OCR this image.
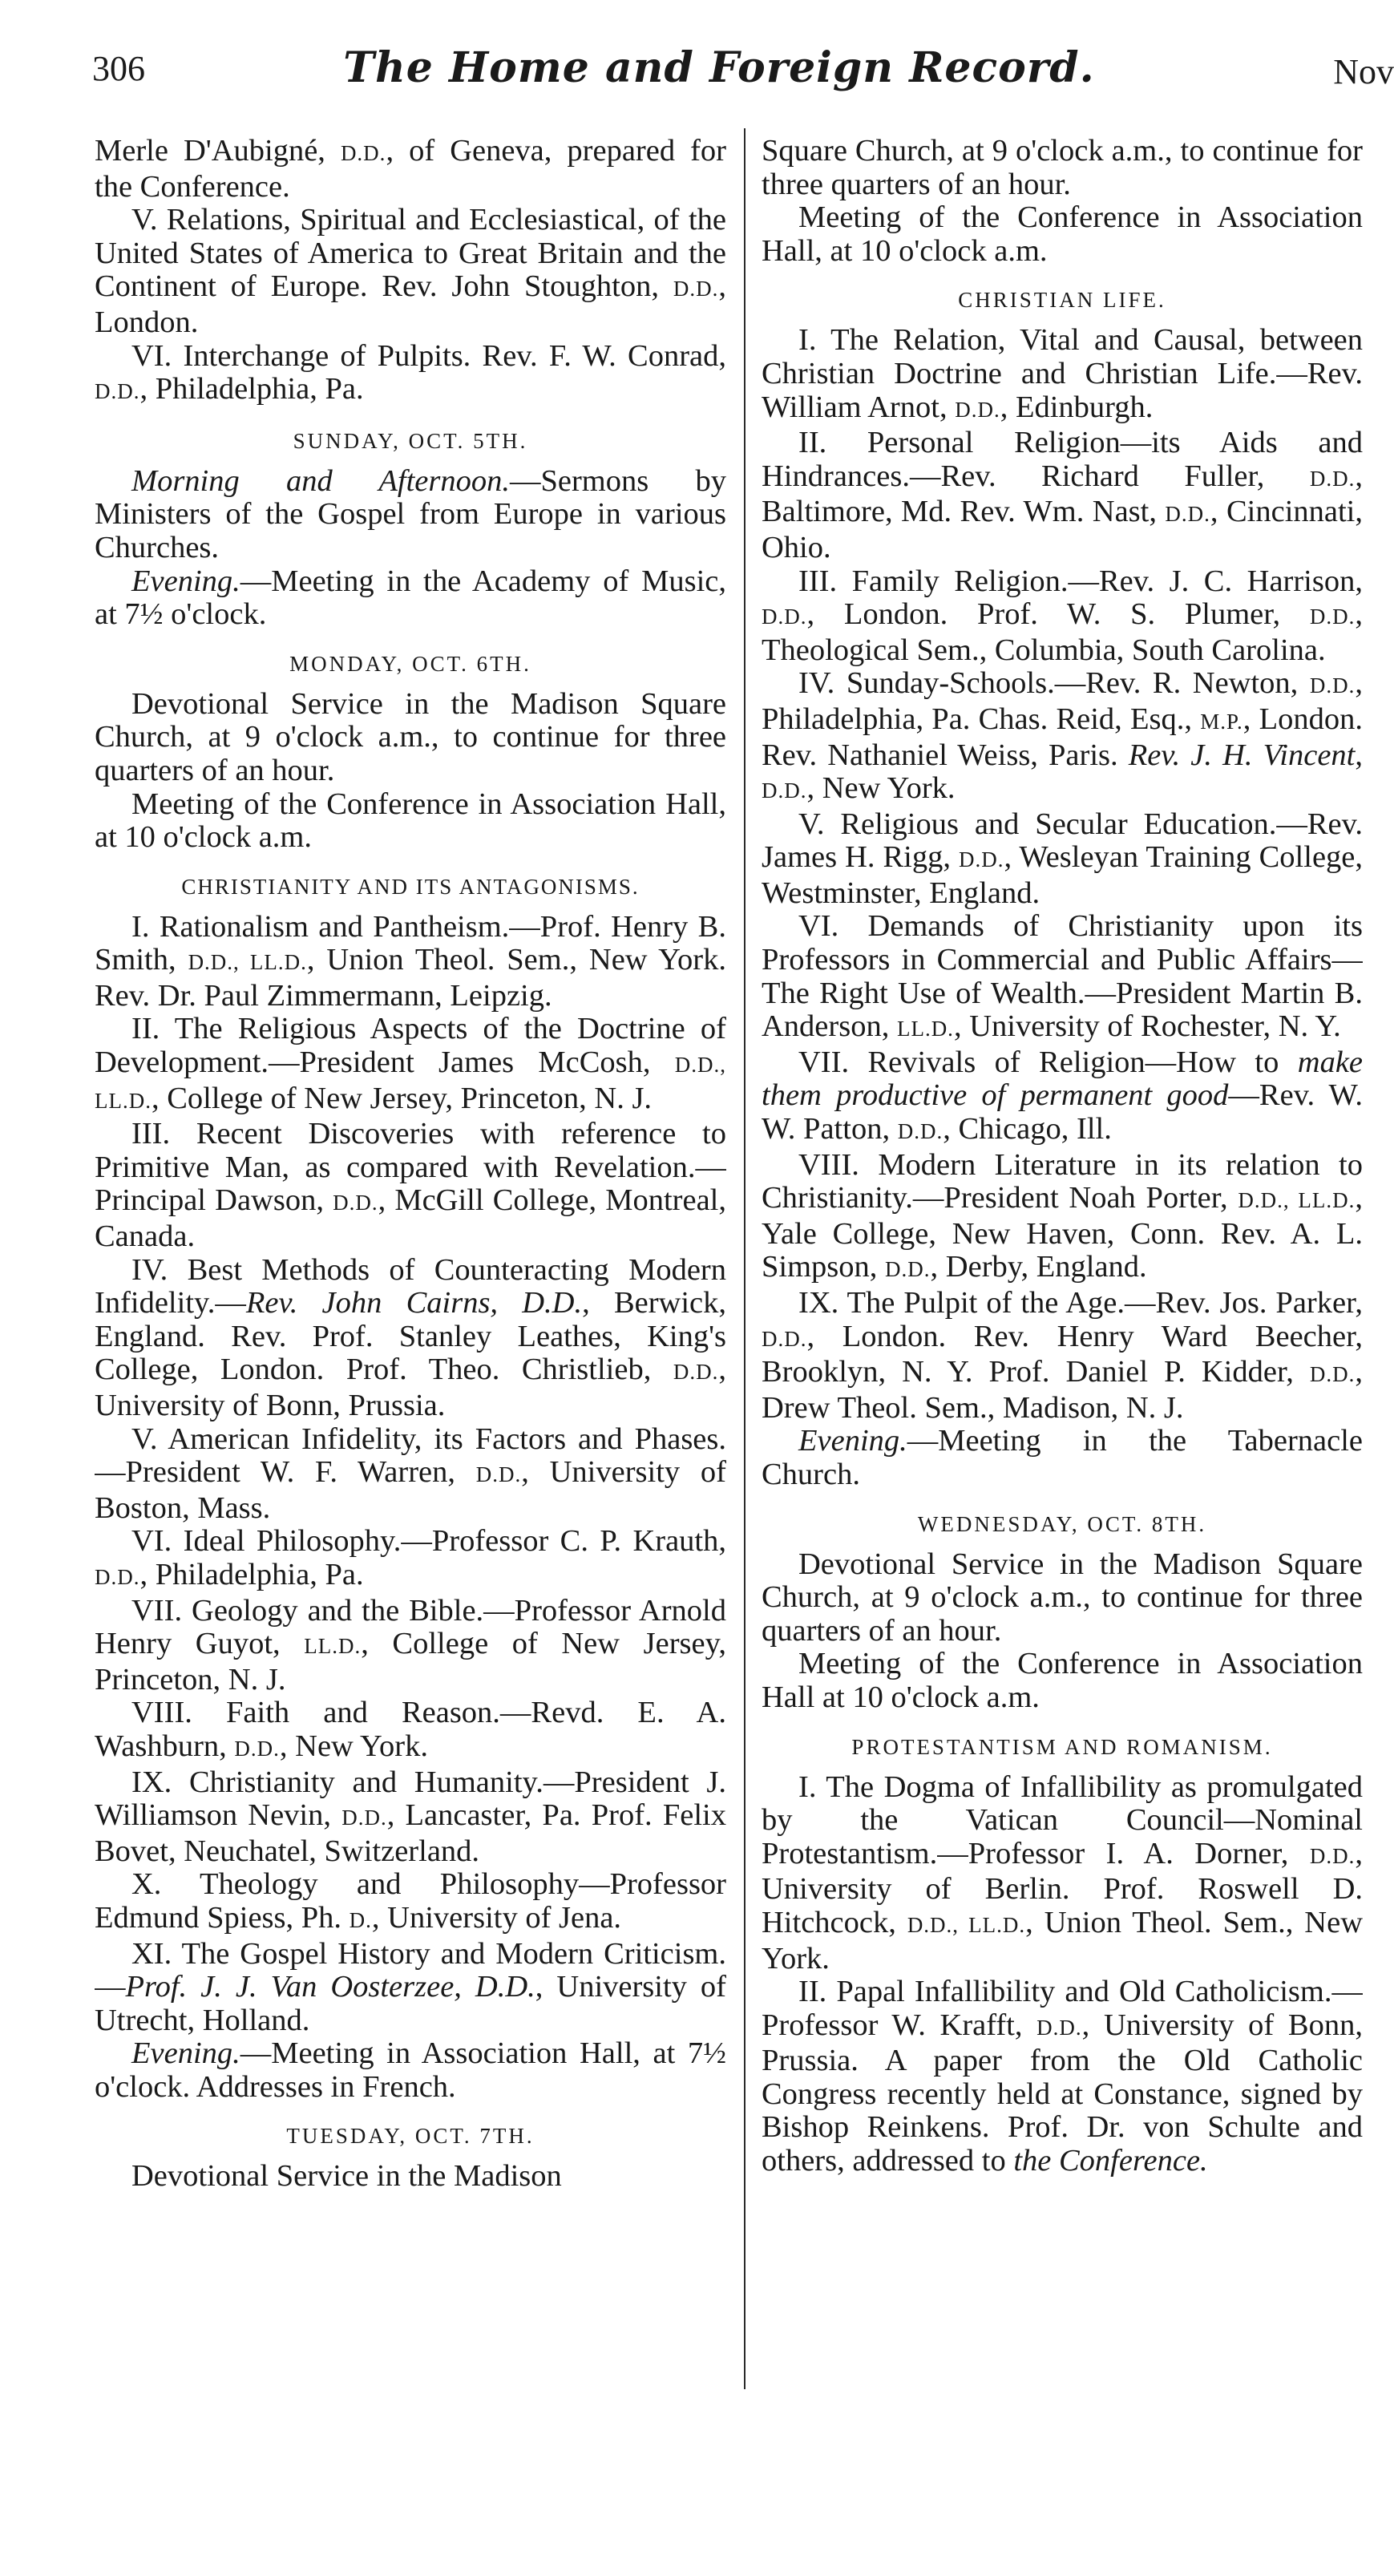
306	The Home and Foreign Record.	Nov

Merle D'Aubigné, D.D., of Geneva, prepared for the Conference.

V. Relations, Spiritual and Ecclesiastical, of the United States of America to Great Britain and the Continent of Europe. Rev. John Stoughton, D.D., London.

VI. Interchange of Pulpits. Rev. F. W. Conrad, D.D., Philadelphia, Pa.

SUNDAY, OCT. 5TH.

Morning and Afternoon.—Sermons by Ministers of the Gospel from Europe in various Churches.

Evening.—Meeting in the Academy of Music, at 7½ o'clock.

MONDAY, OCT. 6TH.

Devotional Service in the Madison Square Church, at 9 o'clock a.m., to continue for three quarters of an hour.

Meeting of the Conference in Association Hall, at 10 o'clock a.m.

CHRISTIANITY AND ITS ANTAGONISMS.

I. Rationalism and Pantheism.—Prof. Henry B. Smith, D.D., LL.D., Union Theol. Sem., New York. Rev. Dr. Paul Zimmermann, Leipzig.

II. The Religious Aspects of the Doctrine of Development.—President James McCosh, D.D., LL.D., College of New Jersey, Princeton, N. J.

III. Recent Discoveries with reference to Primitive Man, as compared with Revelation.—Principal Dawson, D.D., McGill College, Montreal, Canada.

IV. Best Methods of Counteracting Modern Infidelity.—Rev. John Cairns, D.D., Berwick, England. Rev. Prof. Stanley Leathes, King's College, London. Prof. Theo. Christlieb, D.D., University of Bonn, Prussia.

V. American Infidelity, its Factors and Phases.—President W. F. Warren, D.D., University of Boston, Mass.

VI. Ideal Philosophy.—Professor C. P. Krauth, D.D., Philadelphia, Pa.

VII. Geology and the Bible.—Professor Arnold Henry Guyot, LL.D., College of New Jersey, Princeton, N. J.

VIII. Faith and Reason.—Revd. E. A. Washburn, D.D., New York.

IX. Christianity and Humanity.—President J. Williamson Nevin, D.D., Lancaster, Pa. Prof. Felix Bovet, Neuchatel, Switzerland.

X. Theology and Philosophy—Professor Edmund Spiess, Ph. D., University of Jena.

XI. The Gospel History and Modern Criticism.—Prof. J. J. Van Oosterzee, D.D., University of Utrecht, Holland.

Evening.—Meeting in Association Hall, at 7½ o'clock. Addresses in French.

TUESDAY, OCT. 7TH.

Devotional Service in the Madison

Square Church, at 9 o'clock a.m., to continue for three quarters of an hour.

Meeting of the Conference in Association Hall, at 10 o'clock a.m.

CHRISTIAN LIFE.

I. The Relation, Vital and Causal, between Christian Doctrine and Christian Life.—Rev. William Arnot, D.D., Edinburgh.

II. Personal Religion—its Aids and Hindrances.—Rev. Richard Fuller, D.D., Baltimore, Md. Rev. Wm. Nast, D.D., Cincinnati, Ohio.

III. Family Religion.—Rev. J. C. Harrison, D.D., London. Prof. W. S. Plumer, D.D., Theological Sem., Columbia, South Carolina.

IV. Sunday-Schools.—Rev. R. Newton, D.D., Philadelphia, Pa. Chas. Reid, Esq., M.P., London. Rev. Nathaniel Weiss, Paris. Rev. J. H. Vincent, D.D., New York.

V. Religious and Secular Education.—Rev. James H. Rigg, D.D., Wesleyan Training College, Westminster, England.

VI. Demands of Christianity upon its Professors in Commercial and Public Affairs—The Right Use of Wealth.—President Martin B. Anderson, LL.D., University of Rochester, N. Y.

VII. Revivals of Religion—How to make them productive of permanent good—Rev. W. W. Patton, D.D., Chicago, Ill.

VIII. Modern Literature in its relation to Christianity.—President Noah Porter, D.D., LL.D., Yale College, New Haven, Conn. Rev. A. L. Simpson, D.D., Derby, England.

IX. The Pulpit of the Age.—Rev. Jos. Parker, D.D., London. Rev. Henry Ward Beecher, Brooklyn, N. Y. Prof. Daniel P. Kidder, D.D., Drew Theol. Sem., Madison, N. J.

Evening.—Meeting in the Tabernacle Church.

WEDNESDAY, OCT. 8TH.

Devotional Service in the Madison Square Church, at 9 o'clock a.m., to continue for three quarters of an hour.

Meeting of the Conference in Association Hall at 10 o'clock a.m.

PROTESTANTISM AND ROMANISM.

I. The Dogma of Infallibility as promulgated by the Vatican Council—Nominal Protestantism.—Professor I. A. Dorner, D.D., University of Berlin. Prof. Roswell D. Hitchcock, D.D., LL.D., Union Theol. Sem., New York.

II. Papal Infallibility and Old Catholicism.—Professor W. Krafft, D.D., University of Bonn, Prussia. A paper from the Old Catholic Congress recently held at Constance, signed by Bishop Reinkens. Prof. Dr. von Schulte and others, addressed to the Conference.
